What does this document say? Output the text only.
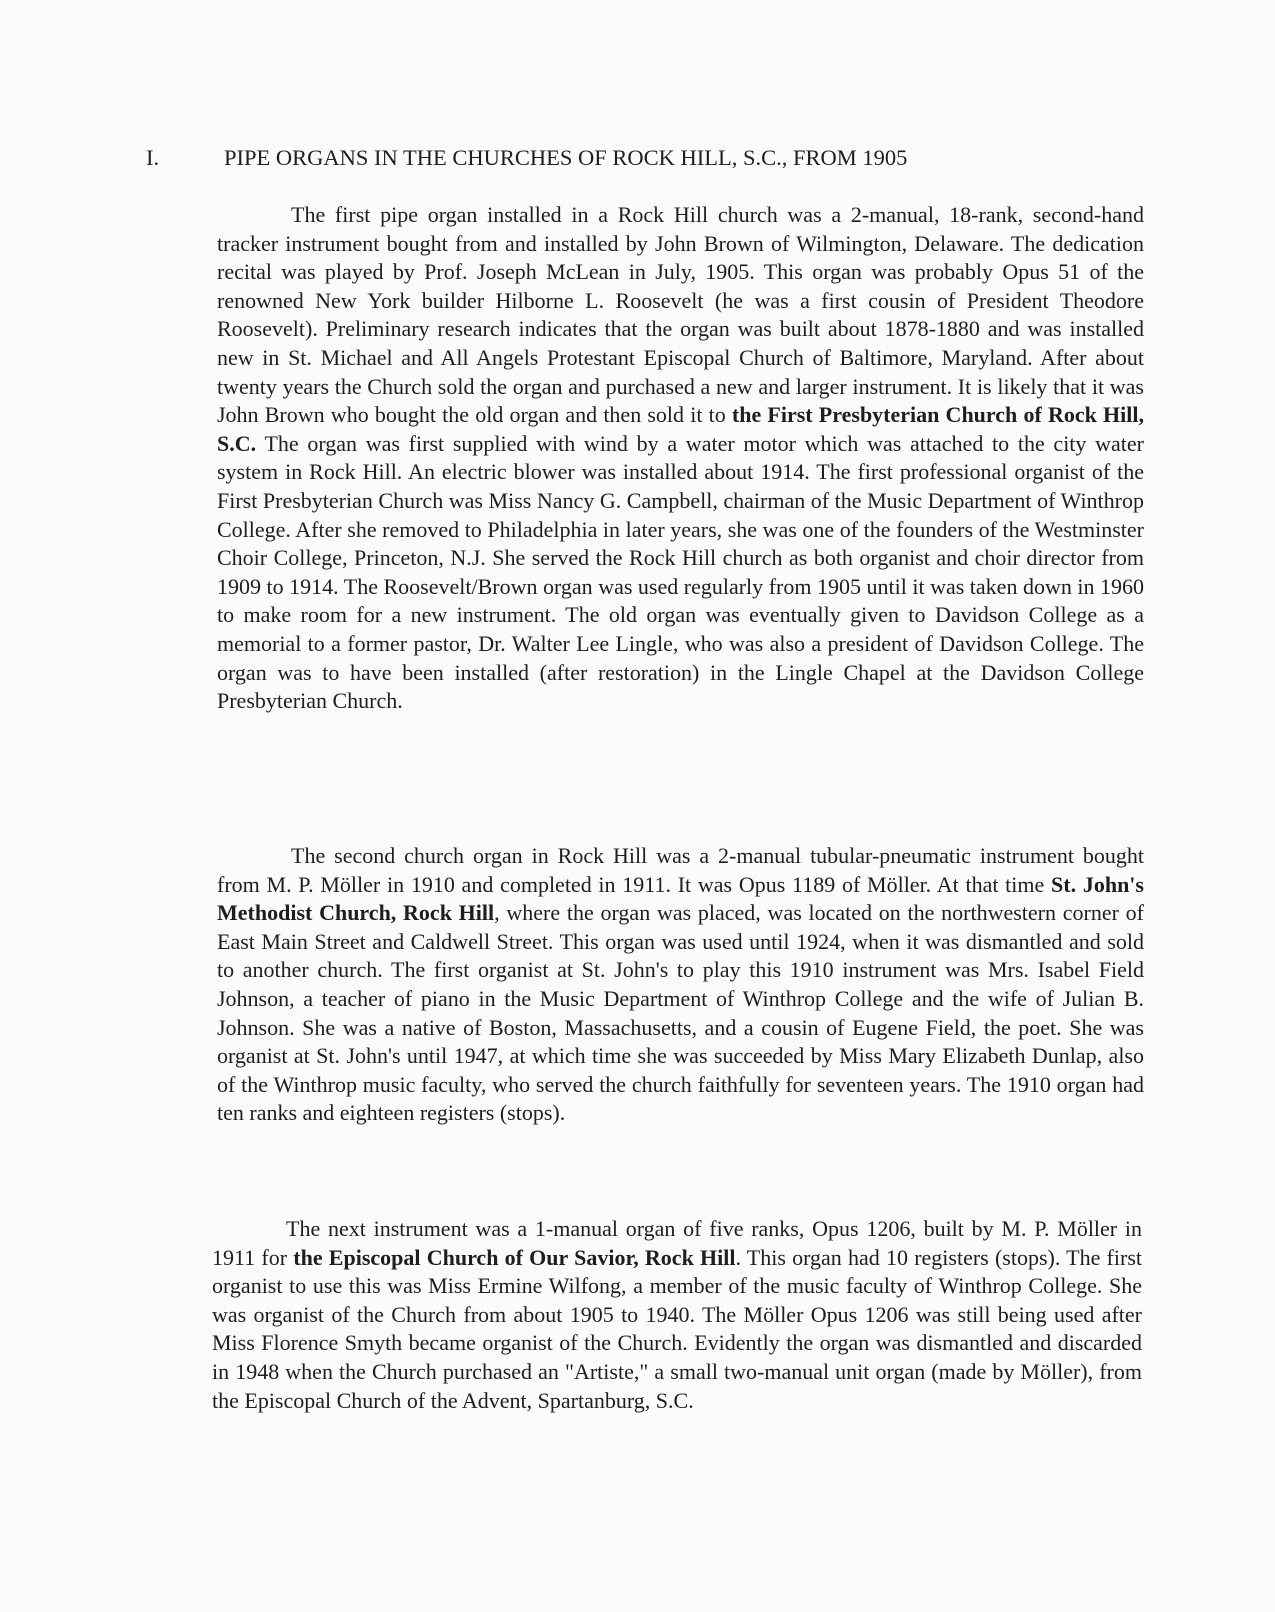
I.	PIPE ORGANS IN THE CHURCHES OF ROCK HILL, S.C., FROM 1905

The first pipe organ installed in a Rock Hill church was a 2-manual, 18-rank, second-hand tracker instrument bought from and installed by John Brown of Wilmington, Delaware. The dedication recital was played by Prof. Joseph McLean in July, 1905. This organ was probably Opus 51 of the renowned New York builder Hilborne L. Roosevelt (he was a first cousin of President Theodore Roosevelt). Preliminary research indicates that the organ was built about 1878-1880 and was installed new in St. Michael and All Angels Protestant Episcopal Church of Baltimore, Maryland. After about twenty years the Church sold the organ and purchased a new and larger instrument. It is likely that it was John Brown who bought the old organ and then sold it to the First Presbyterian Church of Rock Hill, S.C. The organ was first supplied with wind by a water motor which was attached to the city water system in Rock Hill. An electric blower was installed about 1914. The first professional organist of the First Presbyterian Church was Miss Nancy G. Campbell, chairman of the Music Department of Winthrop College. After she removed to Philadelphia in later years, she was one of the founders of the Westminster Choir College, Princeton, N.J. She served the Rock Hill church as both organist and choir director from 1909 to 1914. The Roosevelt/Brown organ was used regularly from 1905 until it was taken down in 1960 to make room for a new instrument. The old organ was eventually given to Davidson College as a memorial to a former pastor, Dr. Walter Lee Lingle, who was also a president of Davidson College. The organ was to have been installed (after restoration) in the Lingle Chapel at the Davidson College Presbyterian Church.

The second church organ in Rock Hill was a 2-manual tubular-pneumatic instrument bought from M. P. Möller in 1910 and completed in 1911. It was Opus 1189 of Möller. At that time St. John's Methodist Church, Rock Hill, where the organ was placed, was located on the northwestern corner of East Main Street and Caldwell Street. This organ was used until 1924, when it was dismantled and sold to another church. The first organist at St. John's to play this 1910 instrument was Mrs. Isabel Field Johnson, a teacher of piano in the Music Department of Winthrop College and the wife of Julian B. Johnson. She was a native of Boston, Massachusetts, and a cousin of Eugene Field, the poet. She was organist at St. John's until 1947, at which time she was succeeded by Miss Mary Elizabeth Dunlap, also of the Winthrop music faculty, who served the church faithfully for seventeen years. The 1910 organ had ten ranks and eighteen registers (stops).

The next instrument was a 1-manual organ of five ranks, Opus 1206, built by M. P. Möller in 1911 for the Episcopal Church of Our Savior, Rock Hill. This organ had 10 registers (stops). The first organist to use this was Miss Ermine Wilfong, a member of the music faculty of Winthrop College. She was organist of the Church from about 1905 to 1940. The Möller Opus 1206 was still being used after Miss Florence Smyth became organist of the Church. Evidently the organ was dismantled and discarded in 1948 when the Church purchased an "Artiste," a small two-manual unit organ (made by Möller), from the Episcopal Church of the Advent, Spartanburg, S.C.
